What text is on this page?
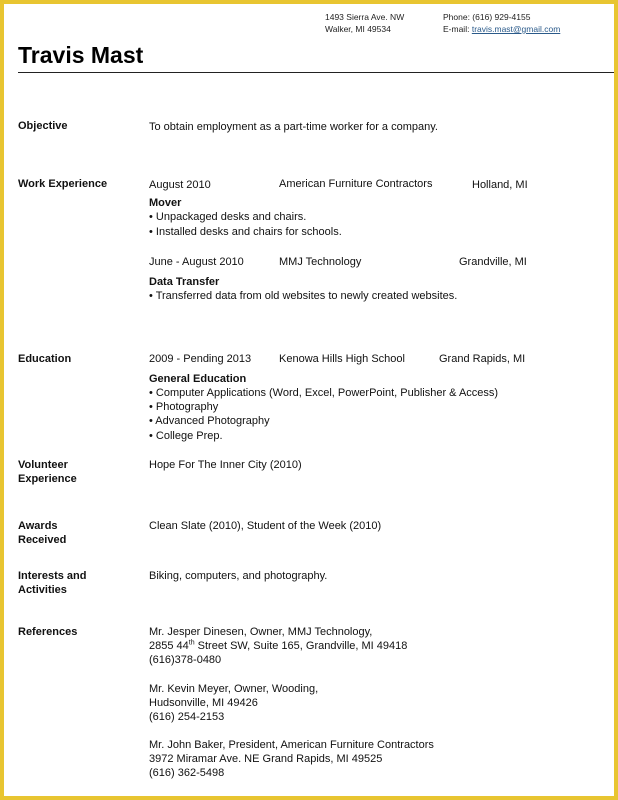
1493 Sierra Ave. NW
Walker, MI 49534
Phone: (616) 929-4155
E-mail: travis.mast@gmail.com
Travis Mast
Objective	To obtain employment as a part-time worker for a company.
Work Experience	August 2010	American Furniture Contractors	Holland, MI
Mover
• Unpackaged desks and chairs.
• Installed desks and chairs for schools.
June - August 2010	MMJ Technology	Grandville, MI
Data Transfer
• Transferred data from old websites to newly created websites.
Education	2009 - Pending 2013	Kenowa Hills High School	Grand Rapids, MI
General Education
• Computer Applications (Word, Excel, PowerPoint, Publisher & Access)
• Photography
• Advanced Photography
• College Prep.
Volunteer
Experience
Hope For The Inner City (2010)
Awards
Received
Clean Slate (2010), Student of the Week (2010)
Interests and
Activities
Biking, computers, and photography.
References	Mr. Jesper Dinesen, Owner, MMJ Technology,
2855 44th Street SW, Suite 165, Grandville, MI 49418
(616)378-0480
Mr. Kevin Meyer, Owner, Wooding,
Hudsonville, MI 49426
(616) 254-2153
Mr. John Baker, President, American Furniture Contractors
3972 Miramar Ave. NE Grand Rapids, MI 49525
(616) 362-5498
